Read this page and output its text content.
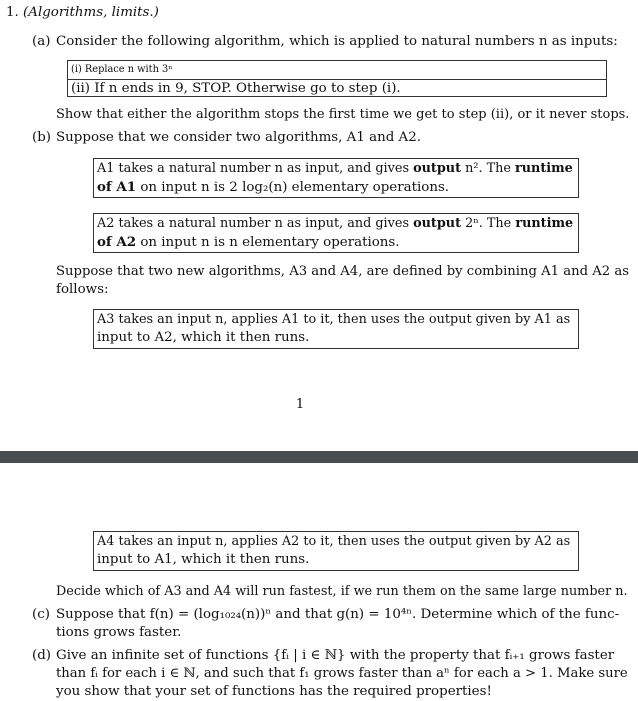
1. (Algorithms, limits.)
(a) Consider the following algorithm, which is applied to natural numbers n as inputs:
(i) Replace n with 3ⁿ
(ii) If n ends in 9, STOP. Otherwise go to step (i).
Show that either the algorithm stops the first time we get to step (ii), or it never stops.
(b) Suppose that we consider two algorithms, A1 and A2.
A1 takes a natural number n as input, and gives output n². The runtime
of A1 on input n is 2 log₂(n) elementary operations.
A2 takes a natural number n as input, and gives output 2ⁿ. The runtime
of A2 on input n is n elementary operations.
Suppose that two new algorithms, A3 and A4, are defined by combining A1 and A2 as
follows:
A3 takes an input n, applies A1 to it, then uses the output given by A1 as
input to A2, which it then runs.
1
A4 takes an input n, applies A2 to it, then uses the output given by A2 as
input to A1, which it then runs.
Decide which of A3 and A4 will run fastest, if we run them on the same large number n.
(c) Suppose that f(n) = (log₁₀₂₄(n))ⁿ and that g(n) = 10⁴ⁿ. Determine which of the func-
tions grows faster.
(d) Give an infinite set of functions {fᵢ | i ∈ ℕ} with the property that fᵢ₊₁ grows faster
than fᵢ for each i ∈ ℕ, and such that f₁ grows faster than aⁿ for each a > 1. Make sure
you show that your set of functions has the required properties!
